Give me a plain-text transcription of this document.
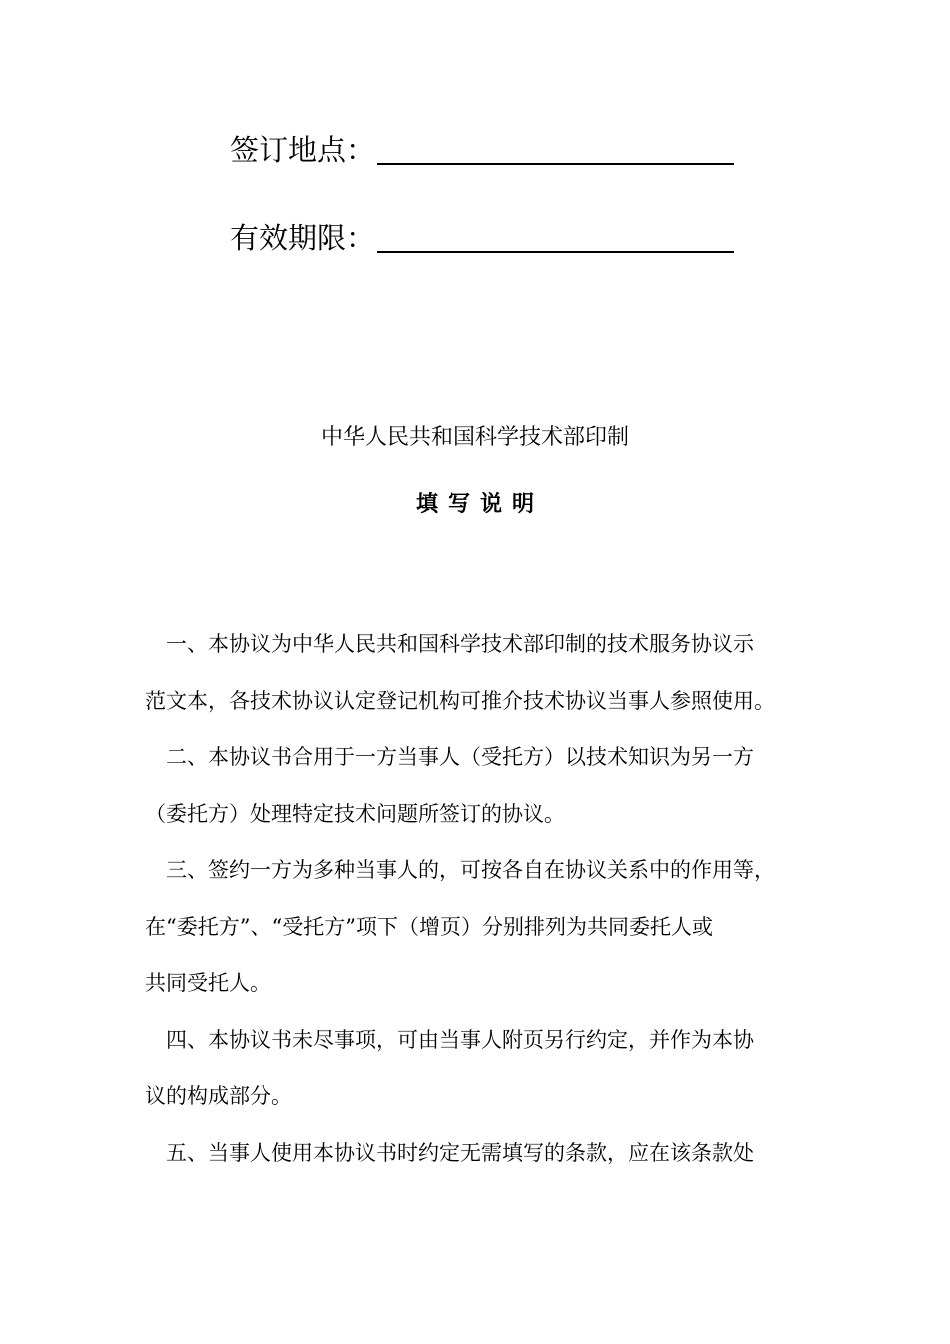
签订地点：
有效期限：
中华人民共和国科学技术部印制
填写说明
　一、本协议为中华人民共和国科学技术部印制的技术服务协议示
范文本，各技术协议认定登记机构可推介技术协议当事人参照使用。
　二、本协议书合用于一方当事人（受托方）以技术知识为另一方
（委托方）处理特定技术问题所签订的协议。
　三、签约一方为多种当事人的，可按各自在协议关系中的作用等，
在“委托方”、“受托方”项下（增页）分别排列为共同委托人或
共同受托人。
　四、本协议书未尽事项，可由当事人附页另行约定，并作为本协
议的构成部分。
　五、当事人使用本协议书时约定无需填写的条款，应在该条款处
